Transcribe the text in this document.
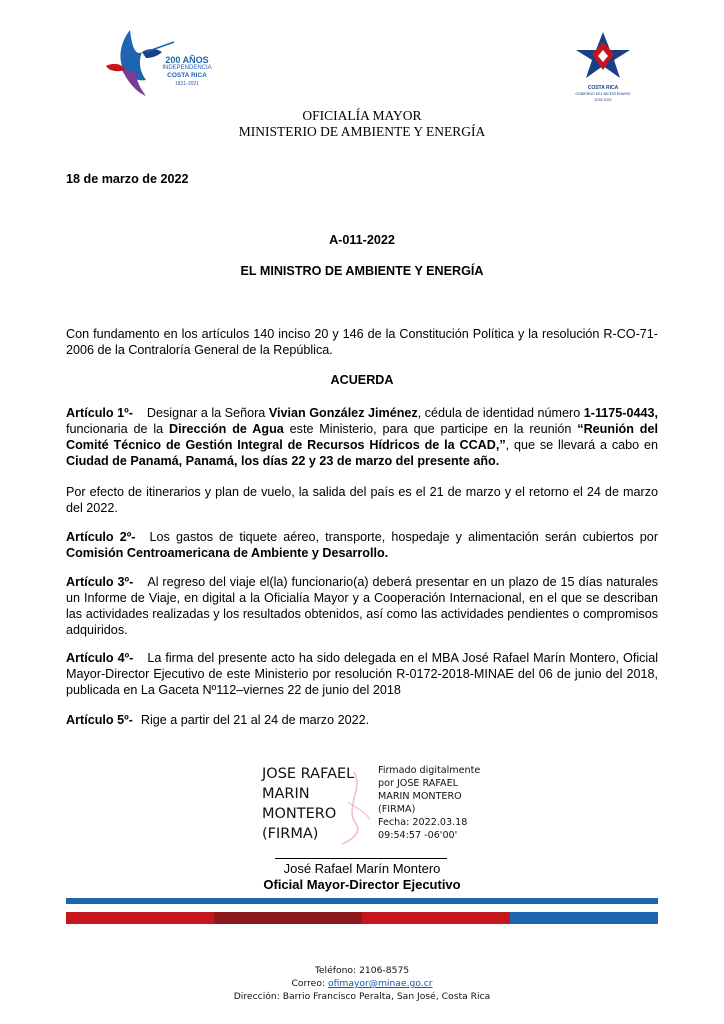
200 AÑOS
INDEPENDENCIA
COSTA RICA
1821-2021
COSTA RICA
GOBIERNO DEL BICENTENARIO
2018-2022
OFICIALÍA MAYOR
MINISTERIO DE AMBIENTE Y ENERGÍA
18 de marzo de 2022
A-011-2022
EL MINISTRO DE AMBIENTE Y ENERGÍA
Con fundamento en los artículos 140 inciso 20 y 146 de la Constitución Política y la resolución R-CO-71-2006 de la Contraloría General de la República.
ACUERDA
Artículo 1º- Designar a la Señora Vivian González Jiménez, cédula de identidad número 1-1175-0443, funcionaria de la Dirección de Agua este Ministerio, para que participe en la reunión “Reunión del Comité Técnico de Gestión Integral de Recursos Hídricos de la CCAD,”, que se llevará a cabo en Ciudad de Panamá, Panamá, los días 22 y 23 de marzo del presente año.
Por efecto de itinerarios y plan de vuelo, la salida del país es el 21 de marzo y el retorno el 24 de marzo del 2022.
Artículo 2º- Los gastos de tiquete aéreo, transporte, hospedaje y alimentación serán cubiertos por Comisión Centroamericana de Ambiente y Desarrollo.
Artículo 3º- Al regreso del viaje el(la) funcionario(a) deberá presentar en un plazo de 15 días naturales un Informe de Viaje, en digital a la Oficialía Mayor y a Cooperación Internacional, en el que se describan las actividades realizadas y los resultados obtenidos, así como las actividades pendientes o compromisos adquiridos.
Artículo 4º- La firma del presente acto ha sido delegada en el MBA José Rafael Marín Montero, Oficial Mayor-Director Ejecutivo de este Ministerio por resolución R-0172-2018-MINAE del 06 de junio del 2018, publicada en La Gaceta Nº112–viernes 22 de junio del 2018
Artículo 5º- Rige a partir del 21 al 24 de marzo 2022.
JOSE RAFAEL
MARIN
MONTERO
(FIRMA)
Firmado digitalmente
por JOSE RAFAEL
MARIN MONTERO
(FIRMA)
Fecha: 2022.03.18
09:54:57 -06'00'
José Rafael Marín Montero
Oficial Mayor-Director Ejecutivo
Teléfono: 2106-8575
Correo: ofimayor@minae.go.cr
Dirección: Barrio Francisco Peralta, San José, Costa Rica
